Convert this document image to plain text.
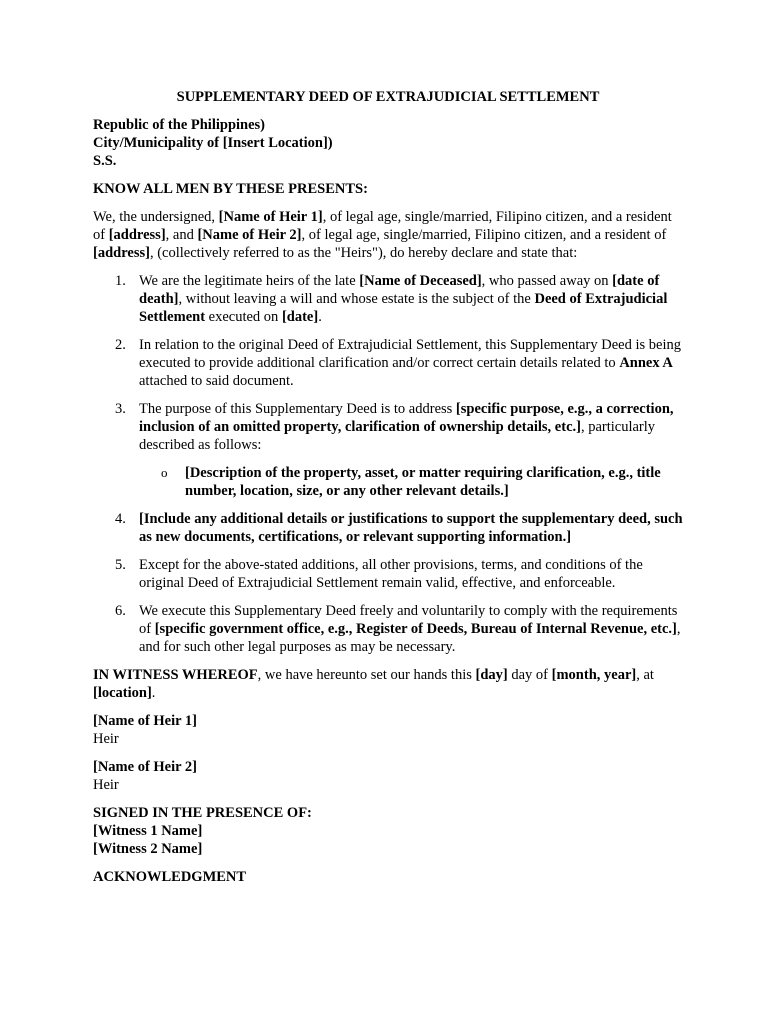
SUPPLEMENTARY DEED OF EXTRAJUDICIAL SETTLEMENT

Republic of the Philippines)
City/Municipality of [Insert Location])
S.S.

KNOW ALL MEN BY THESE PRESENTS:

We, the undersigned, [Name of Heir 1], of legal age, single/married, Filipino citizen, and a resident of [address], and [Name of Heir 2], of legal age, single/married, Filipino citizen, and a resident of [address], (collectively referred to as the "Heirs"), do hereby declare and state that:

1. We are the legitimate heirs of the late [Name of Deceased], who passed away on [date of death], without leaving a will and whose estate is the subject of the Deed of Extrajudicial Settlement executed on [date].
2. In relation to the original Deed of Extrajudicial Settlement, this Supplementary Deed is being executed to provide additional clarification and/or correct certain details related to Annex A attached to said document.
3. The purpose of this Supplementary Deed is to address [specific purpose, e.g., a correction, inclusion of an omitted property, clarification of ownership details, etc.], particularly described as follows:
o [Description of the property, asset, or matter requiring clarification, e.g., title number, location, size, or any other relevant details.]
4. [Include any additional details or justifications to support the supplementary deed, such as new documents, certifications, or relevant supporting information.]
5. Except for the above-stated additions, all other provisions, terms, and conditions of the original Deed of Extrajudicial Settlement remain valid, effective, and enforceable.
6. We execute this Supplementary Deed freely and voluntarily to comply with the requirements of [specific government office, e.g., Register of Deeds, Bureau of Internal Revenue, etc.], and for such other legal purposes as may be necessary.

IN WITNESS WHEREOF, we have hereunto set our hands this [day] day of [month, year], at [location].

[Name of Heir 1]
Heir

[Name of Heir 2]
Heir

SIGNED IN THE PRESENCE OF:
[Witness 1 Name]
[Witness 2 Name]

ACKNOWLEDGMENT
